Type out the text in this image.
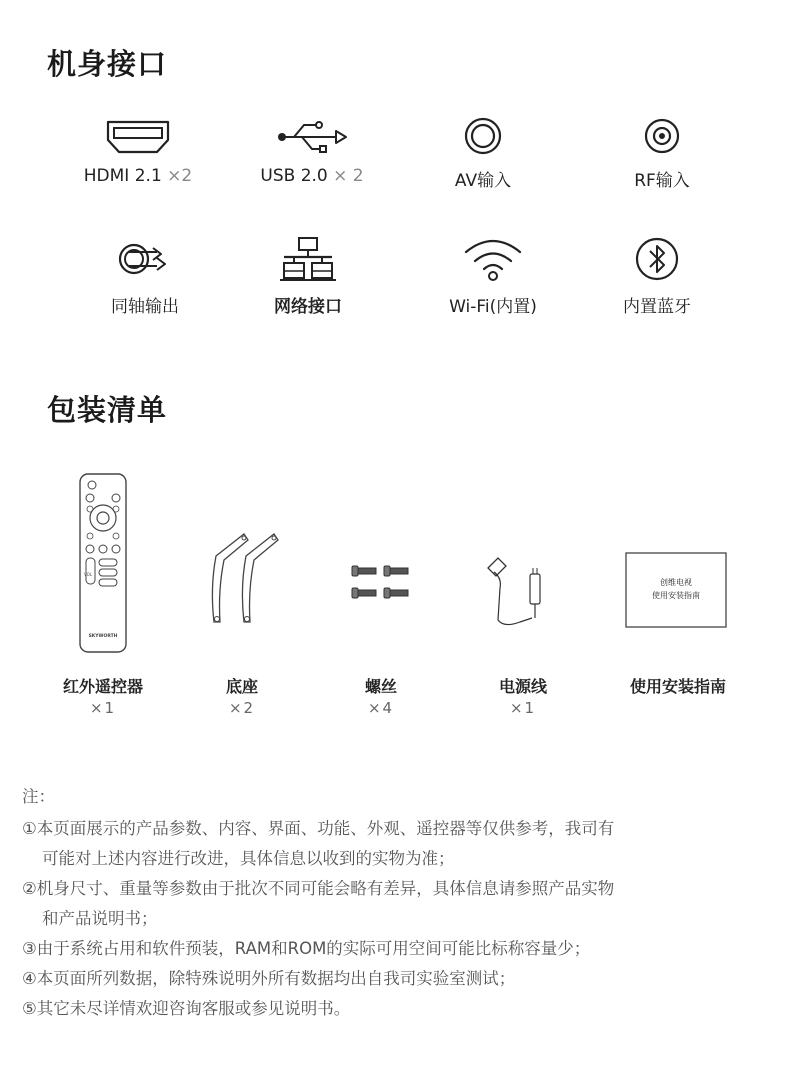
机身接口
HDMI 2.1 ×2	USB 2.0 × 2	AV输入	RF输入
同轴输出	网络接口	Wi-Fi(内置)	内置蓝牙
包装清单
VOL
SKYWORTH
创维电视
使用安装指南
红外遥控器
×1
底座
×2
螺丝
×4
电源线
×1
使用安装指南
注：
①本页面展示的产品参数、内容、界面、功能、外观、遥控器等仅供参考，我司有
可能对上述内容进行改进，具体信息以收到的实物为准；
②机身尺寸、重量等参数由于批次不同可能会略有差异，具体信息请参照产品实物
和产品说明书；
③由于系统占用和软件预装，RAM和ROM的实际可用空间可能比标称容量少；
④本页面所列数据，除特殊说明外所有数据均出自我司实验室测试；
⑤其它未尽详情欢迎咨询客服或参见说明书。
